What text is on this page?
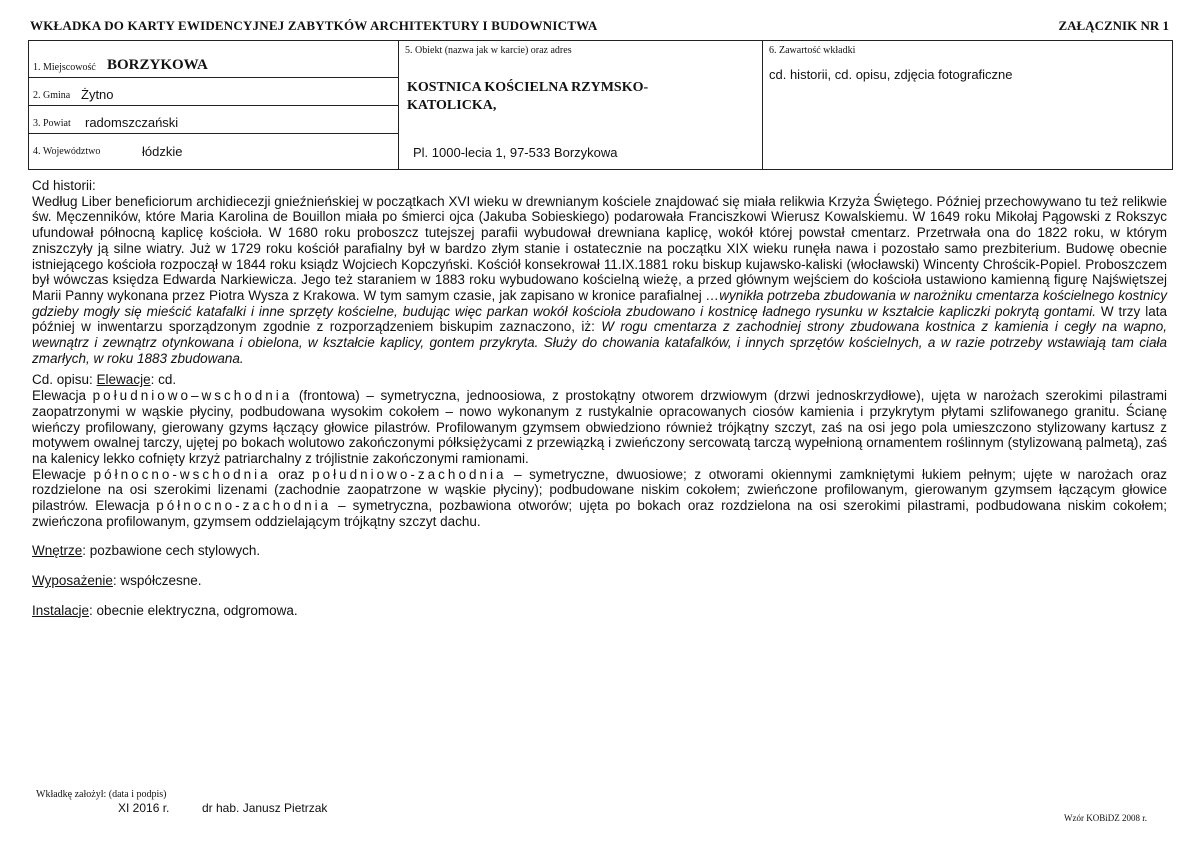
WKŁADKA DO KARTY EWIDENCYJNEJ ZABYTKÓW ARCHITEKTURY I BUDOWNICTWA	ZAŁĄCZNIK NR 1
1. Miejscowość BORZYKOWA
2. Gmina Żytno
3. Powiat radomszczański
4. Województwo	łódzkie
5. Obiekt (nazwa jak w karcie) oraz adres
KOSTNICA KOŚCIELNA RZYMSKO-
KATOLICKA,
Pl. 1000-lecia 1, 97-533 Borzykowa
6. Zawartość wkładki
cd. historii, cd. opisu, zdjęcia fotograficzne

Cd historii:

Według Liber beneficiorum archidiecezji gnieźnieńskiej w początkach XVI wieku w drewnianym kościele znajdować się miała relikwia Krzyża Świętego. Później przechowywano tu też relikwie św. Męczenników, które Maria Karolina de Bouillon miała po śmierci ojca (Jakuba Sobieskiego) podarowała Franciszkowi Wierusz Kowalskiemu. W 1649 roku Mikołaj Pągowski z Rokszyc ufundował północną kaplicę kościoła. W 1680 roku proboszcz tutejszej parafii wybudował drewniana kaplicę, wokół której powstał cmentarz. Przetrwała ona do 1822 roku, w którym zniszczyły ją silne wiatry. Już w 1729 roku kościół parafialny był w bardzo złym stanie i ostatecznie na początku XIX wieku runęła nawa i pozostało samo prezbiterium. Budowę obecnie istniejącego kościoła rozpoczął w 1844 roku ksiądz Wojciech Kopczyński. Kościół konsekrował 11.IX.1881 roku biskup kujawsko-kaliski (włocławski) Wincenty Chrościk-Popiel. Proboszczem był wówczas księdza Edwarda Narkiewicza. Jego też staraniem w 1883 roku wybudowano kościelną wieżę, a przed głównym wejściem do kościoła ustawiono kamienną figurę Najświętszej Marii Panny wykonana przez Piotra Wysza z Krakowa. W tym samym czasie, jak zapisano w kronice parafialnej …wynikła potrzeba zbudowania w narożniku cmentarza kościelnego kostnicy gdzieby mogły się mieścić katafalki i inne sprzęty kościelne, budując więc parkan wokół kościoła zbudowano i kostnicę ładnego rysunku w kształcie kapliczki pokrytą gontami. W trzy lata później w inwentarzu sporządzonym zgodnie z rozporządzeniem biskupim zaznaczono, iż: W rogu cmentarza z zachodniej strony zbudowana kostnica z kamienia i cegły na wapno, wewnątrz i zewnątrz otynkowana i obielona, w kształcie kaplicy, gontem przykryta. Służy do chowania katafalków, i innych sprzętów kościelnych, a w razie potrzeby wstawiają tam ciała zmarłych, w roku 1883 zbudowana.

Cd. opisu: Elewacje: cd.

Elewacja południowo–wschodnia (frontowa) – symetryczna, jednoosiowa, z prostokątny otworem drzwiowym (drzwi jednoskrzydłowe), ujęta w narożach szerokimi pilastrami zaopatrzonymi w wąskie płyciny, podbudowana wysokim cokołem – nowo wykonanym z rustykalnie opracowanych ciosów kamienia i przykrytym płytami szlifowanego granitu. Ścianę wieńczy profilowany, gierowany gzyms łączący głowice pilastrów. Profilowanym gzymsem obwiedziono również trójkątny szczyt, zaś na osi jego pola umieszczono stylizowany kartusz z motywem owalnej tarczy, ujętej po bokach wolutowo zakończonymi półksiężycami z przewiązką i zwieńczony sercowatą tarczą wypełnioną ornamentem roślinnym (stylizowaną palmetą), zaś na kalenicy lekko cofnięty krzyż patriarchalny z trójlistnie zakończonymi ramionami.

Elewacje północno-wschodnia oraz południowo-zachodnia – symetryczne, dwuosiowe; z otworami okiennymi zamkniętymi łukiem pełnym; ujęte w narożach oraz rozdzielone na osi szerokimi lizenami (zachodnie zaopatrzone w wąskie płyciny); podbudowane niskim cokołem; zwieńczone profilowanym, gierowanym gzymsem łączącym głowice pilastrów. Elewacja północno-zachodnia – symetryczna, pozbawiona otworów; ujęta po bokach oraz rozdzielona na osi szerokimi pilastrami, podbudowana niskim cokołem; zwieńczona profilowanym, gzymsem oddzielającym trójkątny szczyt dachu.

Wnętrze: pozbawione cech stylowych.

Wyposażenie: współczesne.

Instalacje: obecnie elektryczna, odgromowa.

Wkładkę założył: (data i podpis)
XI 2016 r.	dr hab. Janusz Pietrzak
Wzór KOBiDZ 2008 r.
